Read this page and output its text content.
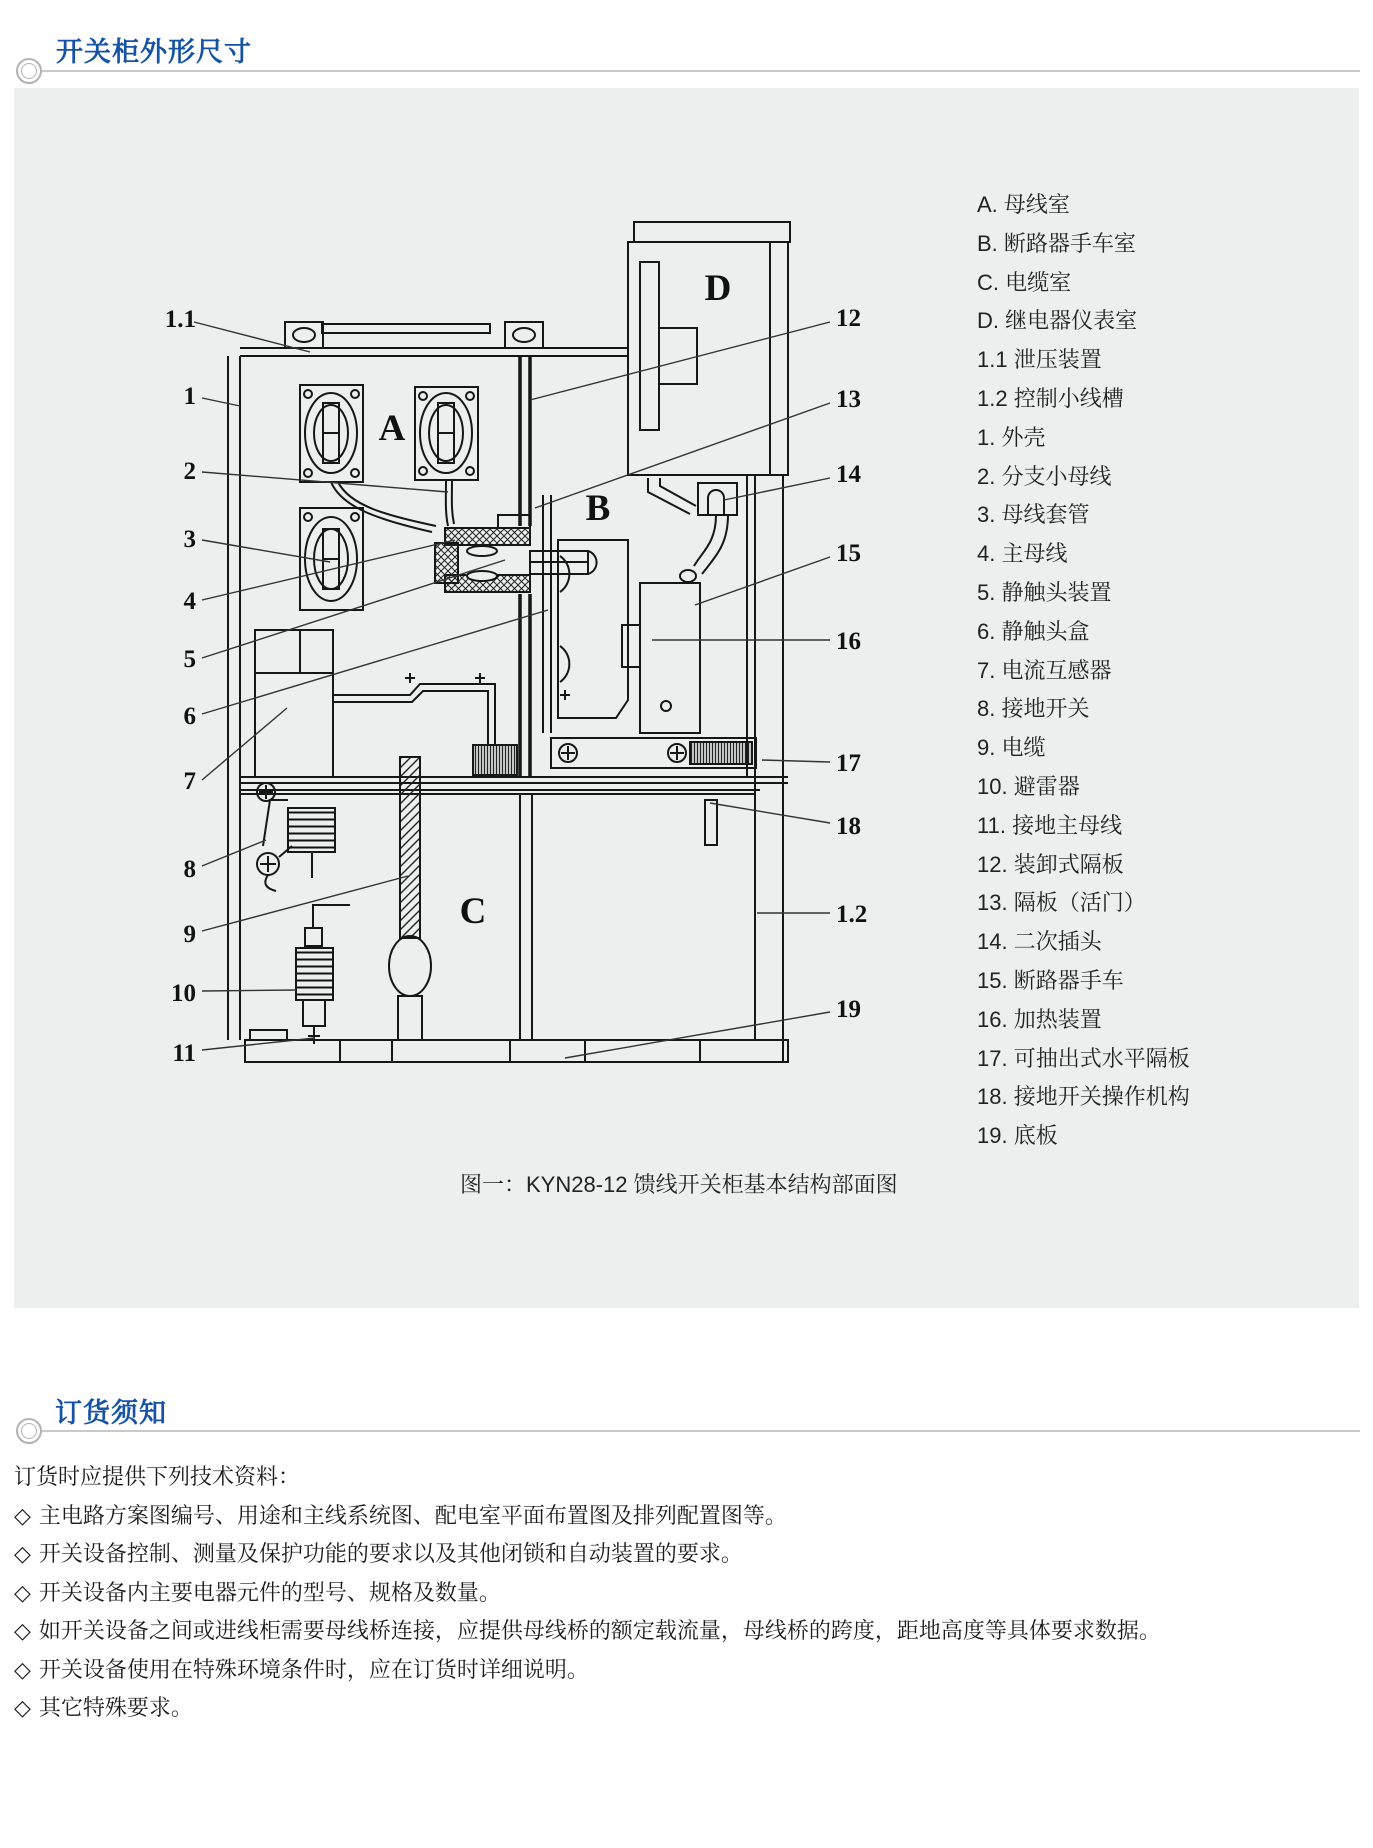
开关柜外形尺寸
1.1
1
2
3
4
5
6
7
8
9
10
11
12
13
14
15
16
17
18
1.2
19
A
B
C
D
A. 母线室
B. 断路器手车室
C. 电缆室
D. 继电器仪表室
1.1 泄压装置
1.2 控制小线槽
1. 外壳
2. 分支小母线
3. 母线套管
4. 主母线
5. 静触头装置
6. 静触头盒
7. 电流互感器
8. 接地开关
9. 电缆
10. 避雷器
11. 接地主母线
12. 装卸式隔板
13. 隔板（活门）
14. 二次插头
15. 断路器手车
16. 加热装置
17. 可抽出式水平隔板
18. 接地开关操作机构
19. 底板
图一：KYN28-12 馈线开关柜基本结构部面图
订货须知
订货时应提供下列技术资料：
◇ 主电路方案图编号、用途和主线系统图、配电室平面布置图及排列配置图等。
◇ 开关设备控制、测量及保护功能的要求以及其他闭锁和自动装置的要求。
◇ 开关设备内主要电器元件的型号、规格及数量。
◇ 如开关设备之间或进线柜需要母线桥连接，应提供母线桥的额定载流量，母线桥的跨度，距地高度等具体要求数据。
◇ 开关设备使用在特殊环境条件时，应在订货时详细说明。
◇ 其它特殊要求。
